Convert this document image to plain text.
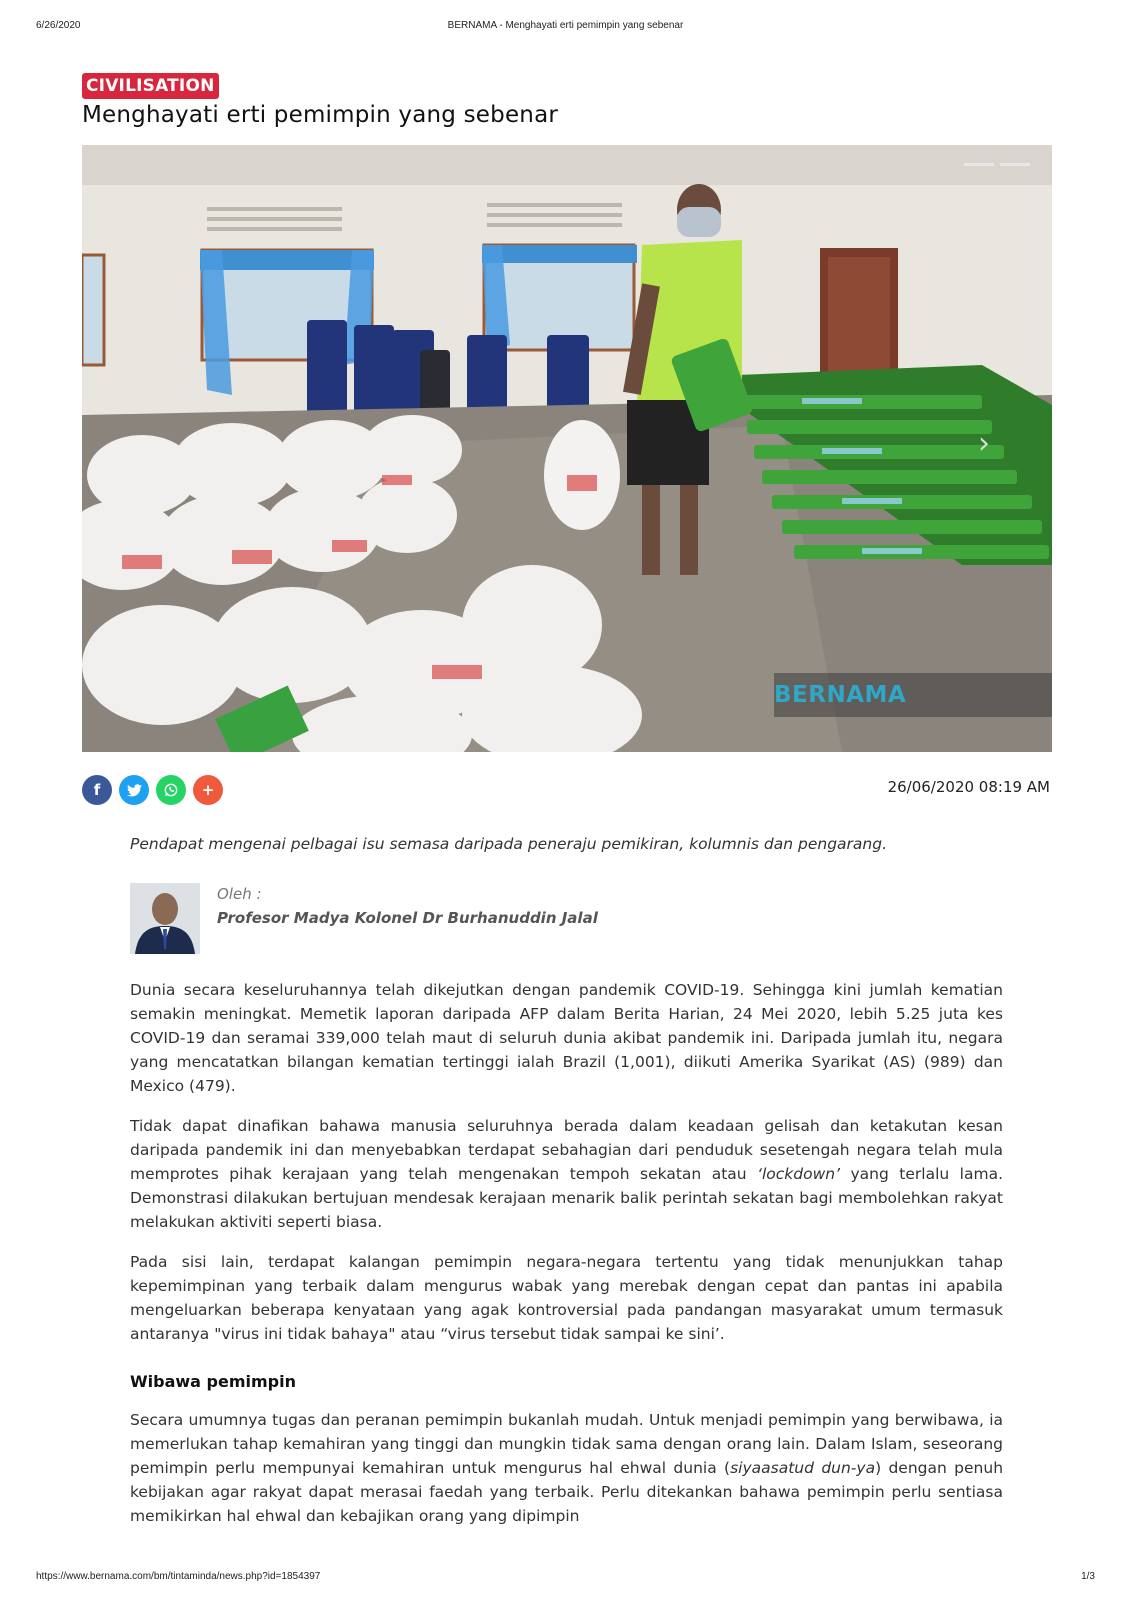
6/26/2020	BERNAMA - Menghayati erti pemimpin yang sebenar
CIVILISATION
Menghayati erti pemimpin yang sebenar
›
BERNAMA
f	+	26/06/2020 08:19 AM
Pendapat mengenai pelbagai isu semasa daripada peneraju pemikiran, kolumnis dan pengarang.
Oleh :
Profesor Madya Kolonel Dr Burhanuddin Jalal

Dunia secara keseluruhannya telah dikejutkan dengan pandemik COVID-19. Sehingga kini jumlah kematian semakin meningkat. Memetik laporan daripada AFP dalam Berita Harian, 24 Mei 2020, lebih 5.25 juta kes COVID-19 dan seramai 339,000 telah maut di seluruh dunia akibat pandemik ini. Daripada jumlah itu, negara yang mencatatkan bilangan kematian tertinggi ialah Brazil (1,001), diikuti Amerika Syarikat (AS) (989) dan Mexico (479).

Tidak dapat dinafikan bahawa manusia seluruhnya berada dalam keadaan gelisah dan ketakutan kesan daripada pandemik ini dan menyebabkan terdapat sebahagian dari penduduk sesetengah negara telah mula memprotes pihak kerajaan yang telah mengenakan tempoh sekatan atau ‘lockdown’ yang terlalu lama. Demonstrasi dilakukan bertujuan mendesak kerajaan menarik balik perintah sekatan bagi membolehkan rakyat melakukan aktiviti seperti biasa.

Pada sisi lain, terdapat kalangan pemimpin negara-negara tertentu yang tidak menunjukkan tahap kepemimpinan yang terbaik dalam mengurus wabak yang merebak dengan cepat dan pantas ini apabila mengeluarkan beberapa kenyataan yang agak kontroversial pada pandangan masyarakat umum termasuk antaranya "virus ini tidak bahaya" atau “virus tersebut tidak sampai ke sini’.

Wibawa pemimpin

Secara umumnya tugas dan peranan pemimpin bukanlah mudah. Untuk menjadi pemimpin yang berwibawa, ia memerlukan tahap kemahiran yang tinggi dan mungkin tidak sama dengan orang lain. Dalam Islam, seseorang pemimpin perlu mempunyai kemahiran untuk mengurus hal ehwal dunia (siyaasatud dun-ya) dengan penuh kebijakan agar rakyat dapat merasai faedah yang terbaik. Perlu ditekankan bahawa pemimpin perlu sentiasa memikirkan hal ehwal dan kebajikan orang yang dipimpin

https://www.bernama.com/bm/tintaminda/news.php?id=1854397	1/3
